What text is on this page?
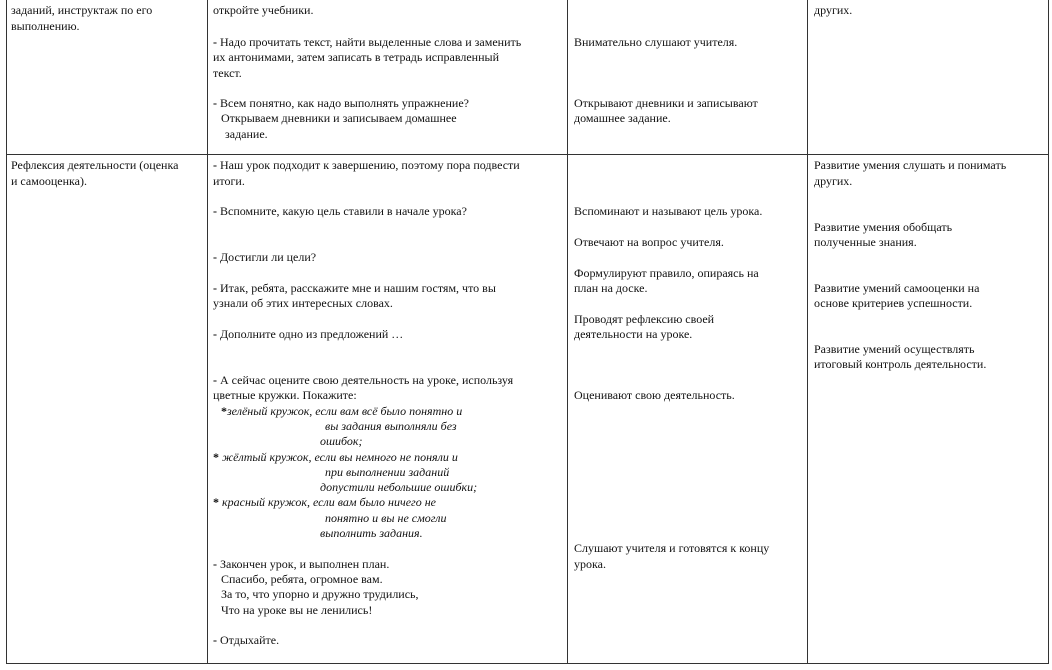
заданий, инструктаж по его
выполнению.
откройте учебники.
- Надо прочитать текст, найти выделенные слова и заменить
их антонимами, затем записать в тетрадь исправленный
текст.
- Всем понятно, как надо выполнять упражнение?
Открываем дневники и записываем домашнее
задание.
Внимательно слушают учителя.
Открывают дневники и записывают
домашнее задание.
других.
Рефлексия деятельности (оценка
и самооценка).
- Наш урок подходит к завершению, поэтому пора подвести
итоги.
- Вспомните, какую цель ставили в начале урока?
- Достигли ли цели?
- Итак, ребята, расскажите мне и нашим гостям, что вы
узнали об этих интересных словах.
- Дополните одно из предложений …
- А сейчас оцените свою деятельность на уроке, используя
цветные кружки. Покажите:
*зелёный кружок, если вам всё было понятно и
вы задания выполняли без
ошибок;
* жёлтый кружок, если вы немного не поняли и
при выполнении заданий
допустили небольшие ошибки;
* красный кружок, если вам было ничего не
понятно и вы не смогли
выполнить задания.
- Закончен урок, и выполнен план.
Спасибо, ребята, огромное вам.
За то, что упорно и дружно трудились,
Что на уроке вы не ленились!
- Отдыхайте.
Вспоминают и называют цель урока.
Отвечают на вопрос учителя.
Формулируют правило, опираясь на
план на доске.
Проводят рефлексию своей
деятельности на уроке.
Оценивают свою деятельность.
Слушают учителя и готовятся к концу
урока.
Развитие умения слушать и понимать
других.
Развитие умения обобщать
полученные знания.
Развитие умений самооценки на
основе критериев успешности.
Развитие умений осуществлять
итоговый контроль деятельности.
